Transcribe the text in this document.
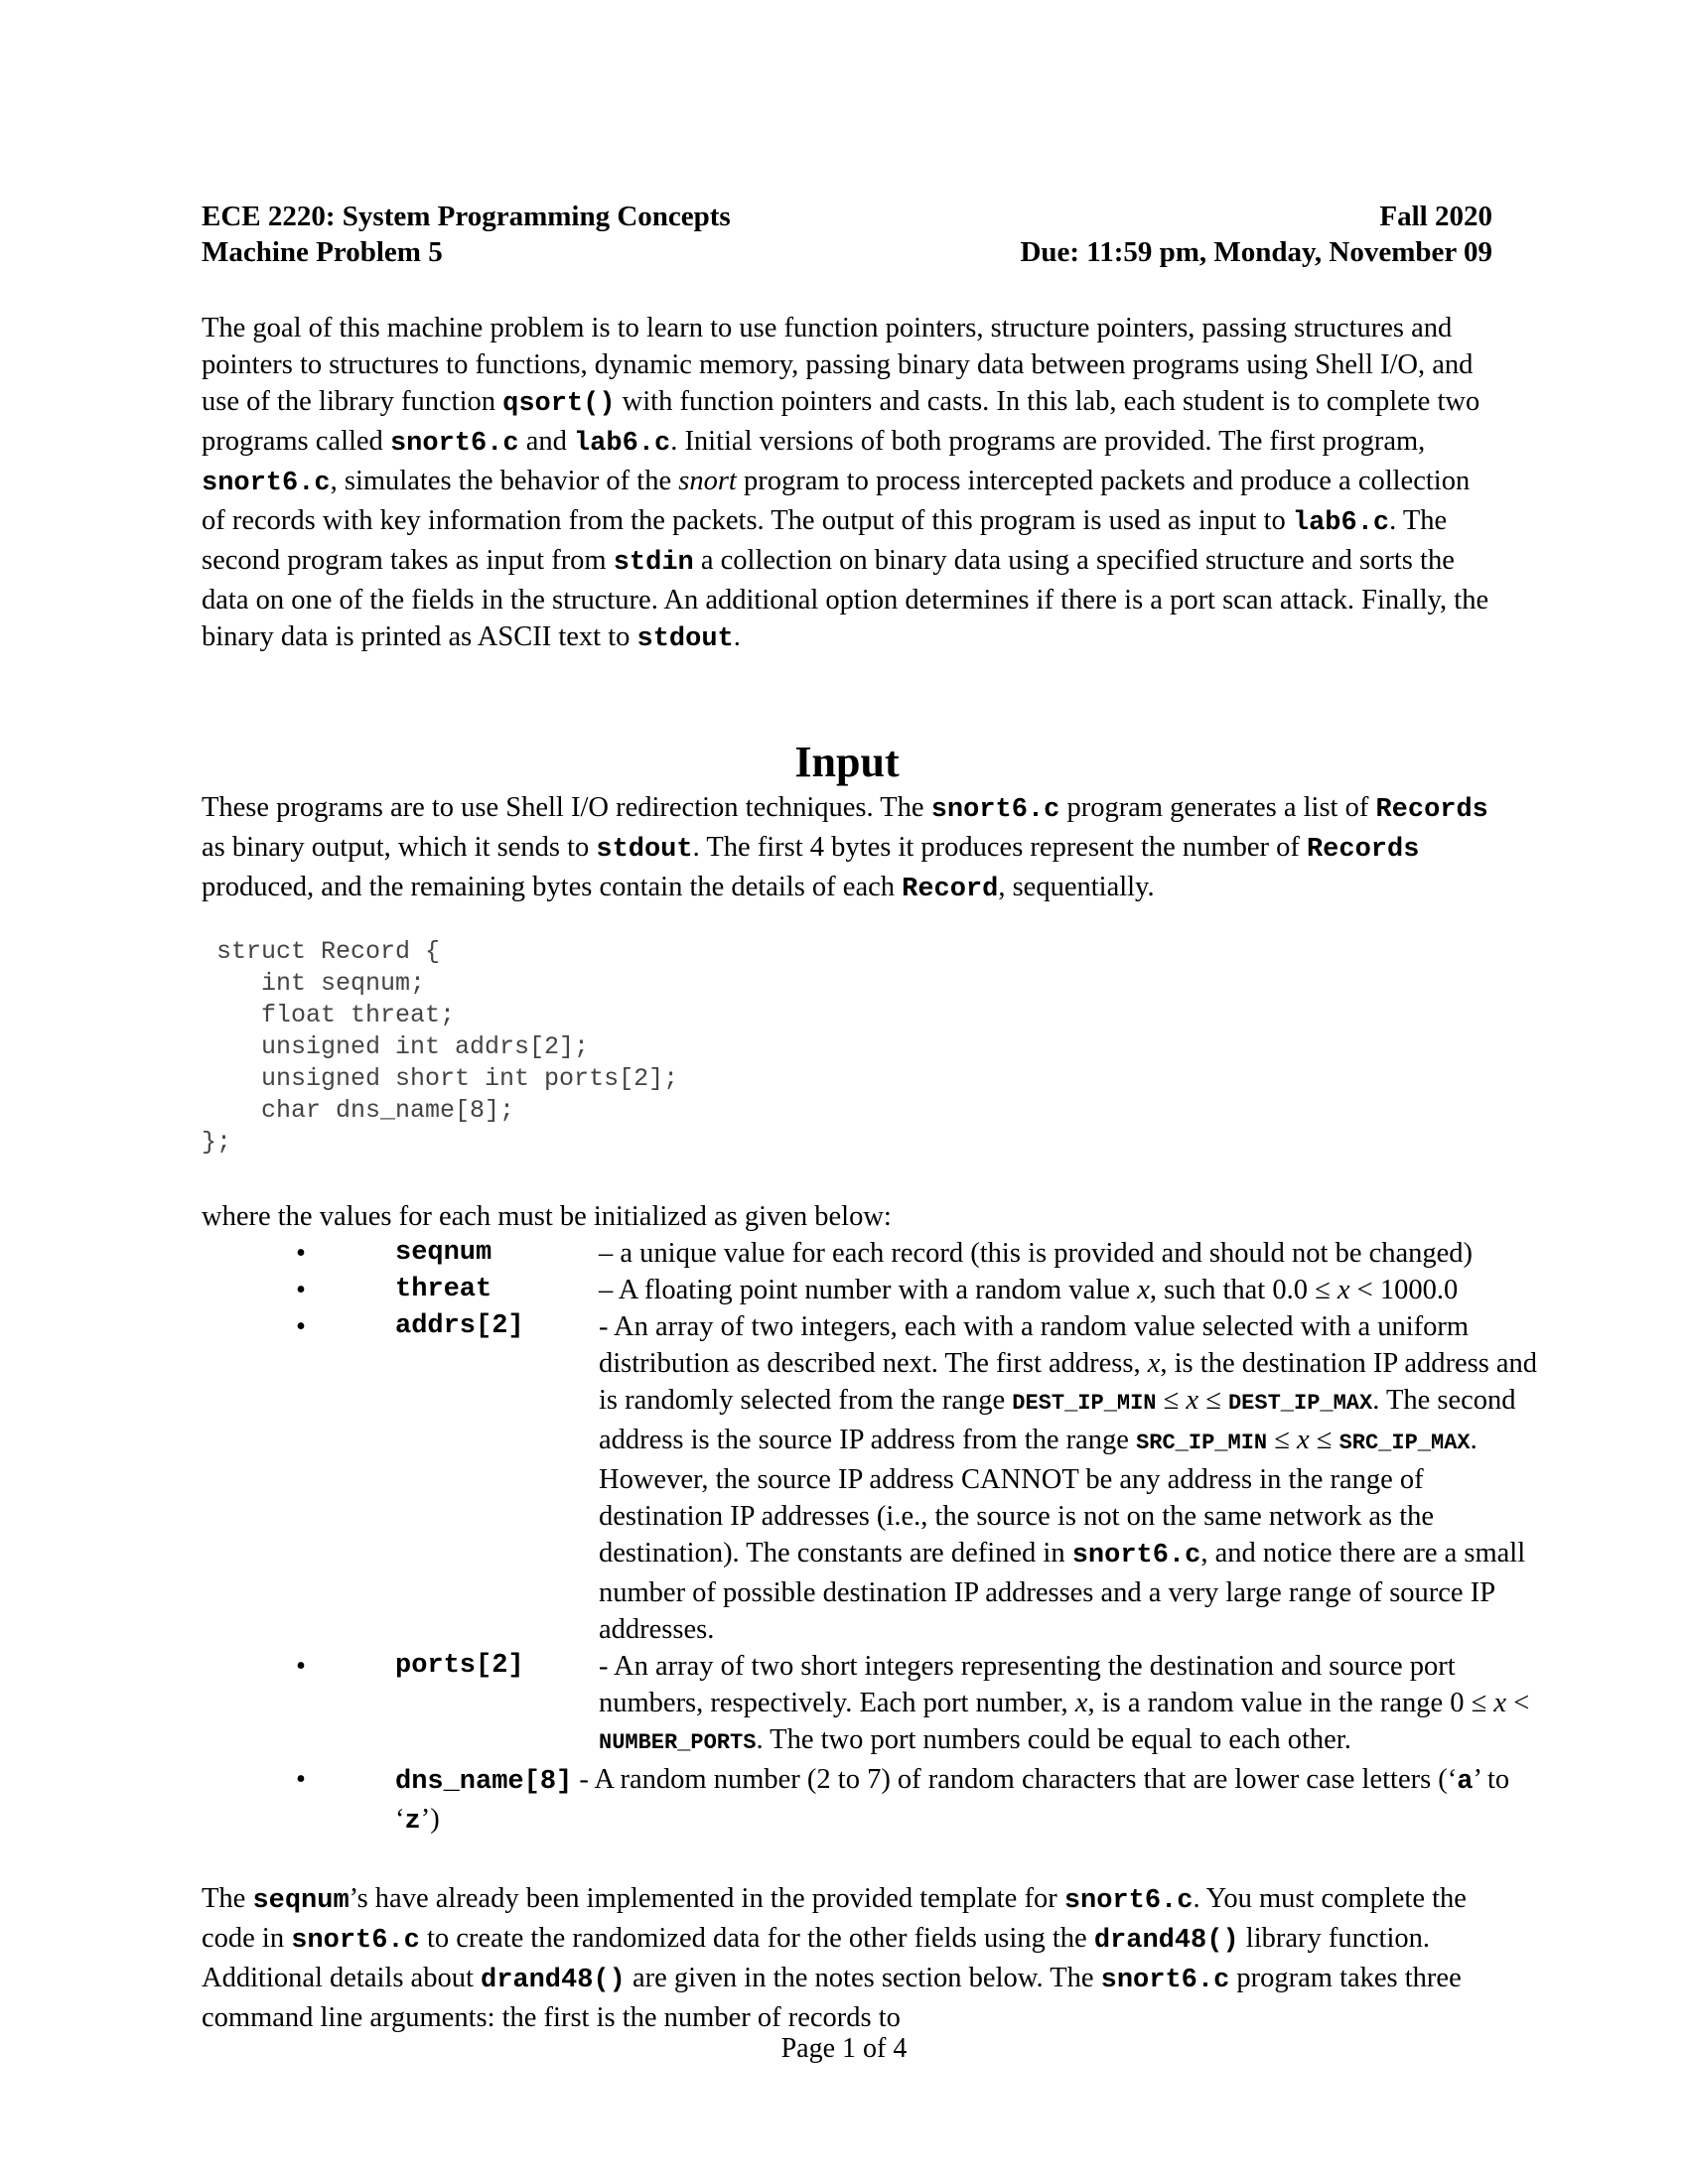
ECE 2220: System Programming Concepts	Fall 2020
Machine Problem 5	Due: 11:59 pm, Monday, November 09

The goal of this machine problem is to learn to use function pointers, structure pointers, passing structures and pointers to structures to functions, dynamic memory, passing binary data between programs using Shell I/O, and use of the library function qsort() with function pointers and casts. In this lab, each student is to complete two programs called snort6.c and lab6.c. Initial versions of both programs are provided. The first program, snort6.c, simulates the behavior of the snort program to process intercepted packets and produce a collection of records with key information from the packets. The output of this program is used as input to lab6.c. The second program takes as input from stdin a collection on binary data using a specified structure and sorts the data on one of the fields in the structure. An additional option determines if there is a port scan attack. Finally, the binary data is printed as ASCII text to stdout.

Input

These programs are to use Shell I/O redirection techniques. The snort6.c program generates a list of Records as binary output, which it sends to stdout. The first 4 bytes it produces represent the number of Records produced, and the remaining bytes contain the details of each Record, sequentially.

struct Record {
int seqnum;
float threat;
unsigned int addrs[2];
unsigned short int ports[2];
char dns_name[8];
};

where the values for each must be initialized as given below:

•	seqnum	– a unique value for each record (this is provided and should not be changed)
•	threat	– A floating point number with a random value x, such that 0.0 ≤ x < 1000.0
•	addrs[2]	- An array of two integers, each with a random value selected with a uniform distribution as described next. The first address, x, is the destination IP address and is randomly selected from the range DEST_IP_MIN ≤ x ≤ DEST_IP_MAX. The second address is the source IP address from the range SRC_IP_MIN ≤ x ≤ SRC_IP_MAX. However, the source IP address CANNOT be any address in the range of destination IP addresses (i.e., the source is not on the same network as the destination). The constants are defined in snort6.c, and notice there are a small number of possible destination IP addresses and a very large range of source IP addresses.
•	ports[2]	- An array of two short integers representing the destination and source port numbers, respectively. Each port number, x, is a random value in the range 0 ≤ x < NUMBER_PORTS. The two port numbers could be equal to each other.
•	dns_name[8] - A random number (2 to 7) of random characters that are lower case letters (‘a’ to ‘z’)

The seqnum’s have already been implemented in the provided template for snort6.c. You must complete the code in snort6.c to create the randomized data for the other fields using the drand48() library function. Additional details about drand48() are given in the notes section below. The snort6.c program takes three command line arguments: the first is the number of records to

Page 1 of 4
